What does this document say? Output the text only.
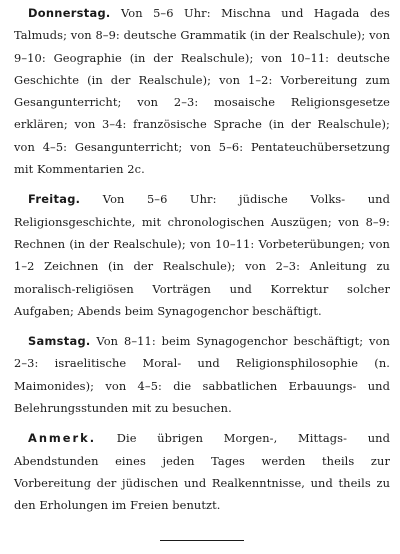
Donnerstag. Von 5–6 Uhr: Mischna und Hagada des Talmuds; von 8–9: deutsche Grammatik (in der Realschule); von 9–10: Geographie (in der Realschule); von 10–11: deutsche Geschichte (in der Realschule); von 1–2: Vorbereitung zum Gesangunterricht; von 2–3: mosaische Religionsgesetze erklären; von 3–4: französische Sprache (in der Realschule); von 4–5: Gesangunterricht; von 5–6: Pentateuchübersetzung mit Kommentarien 2c.

Freitag. Von 5–6 Uhr: jüdische Volks- und Religionsgeschichte, mit chronologischen Auszügen; von 8–9: Rechnen (in der Realschule); von 10–11: Vorbeterübungen; von 1–2 Zeichnen (in der Realschule); von 2–3: Anleitung zu moralisch-religiösen Vorträgen und Korrektur solcher Aufgaben; Abends beim Synagogenchor beschäftigt.

Samstag. Von 8–11: beim Synagogenchor beschäftigt; von 2–3: israelitische Moral- und Religionsphilosophie (n. Maimonides); von 4–5: die sabbatlichen Erbauungs- und Belehrungsstunden mit zu besuchen.

Anmerk. Die übrigen Morgen-, Mittags- und Abendstunden eines jeden Tages werden theils zur Vorbereitung der jüdischen und Realkenntnisse, und theils zu den Erholungen im Freien benutzt.
